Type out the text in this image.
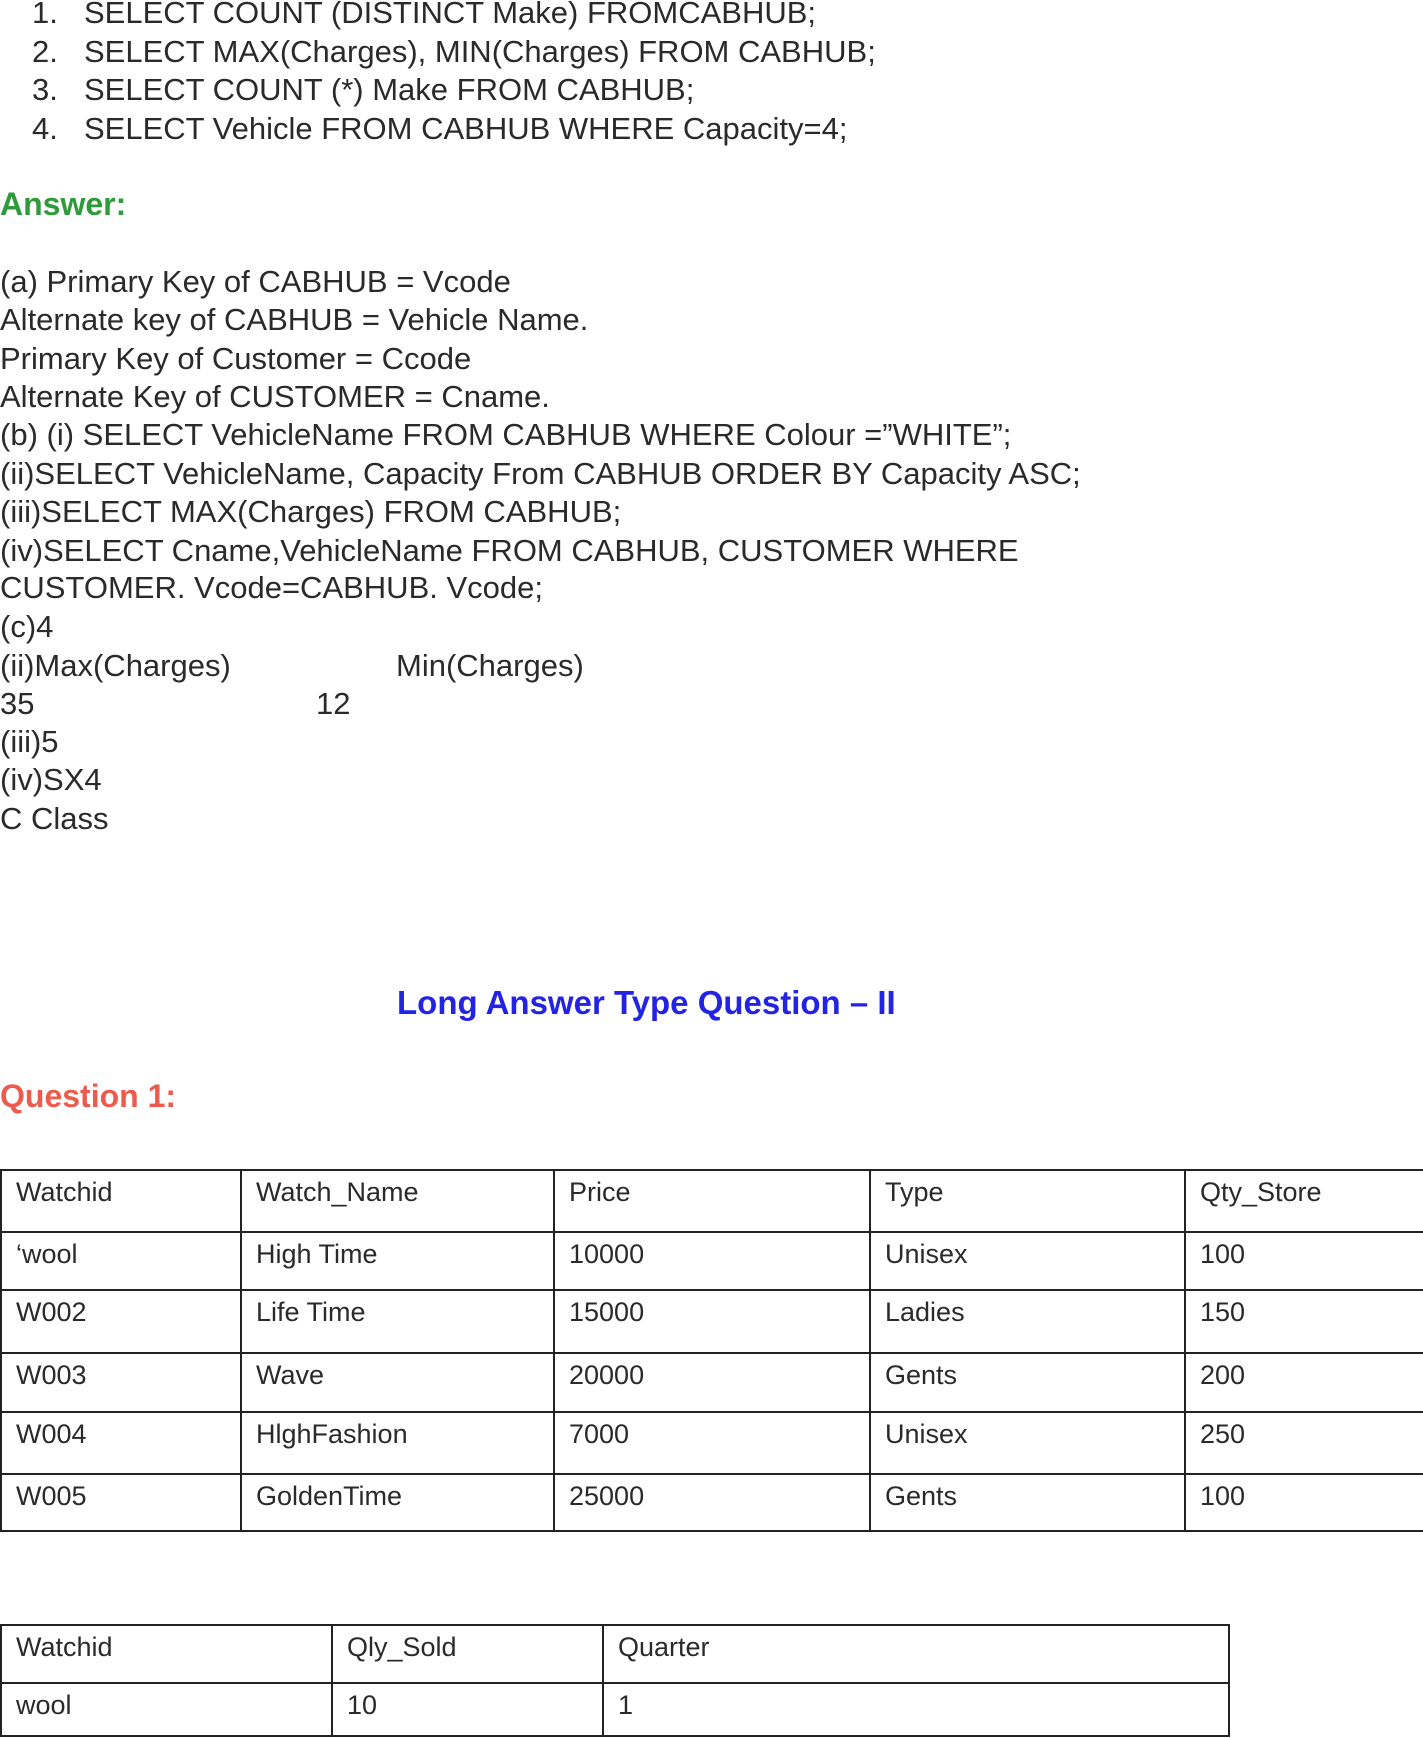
1. SELECT COUNT (DISTINCT Make) FROMCABHUB;
2. SELECT MAX(Charges), MIN(Charges) FROM CABHUB;
3. SELECT COUNT (*) Make FROM CABHUB;
4. SELECT Vehicle FROM CABHUB WHERE Capacity=4;
Answer:
(a) Primary Key of CABHUB = Vcode
Alternate key of CABHUB = Vehicle Name.
Primary Key of Customer = Ccode
Alternate Key of CUSTOMER = Cname.
(b) (i) SELECT VehicleName FROM CABHUB WHERE Colour =”WHITE”;
(ii)SELECT VehicleName, Capacity From CABHUB ORDER BY Capacity ASC;
(iii)SELECT MAX(Charges) FROM CABHUB;
(iv)SELECT Cname,VehicleName FROM CABHUB, CUSTOMER WHERE
CUSTOMER. Vcode=CABHUB. Vcode;
(c)4
(ii)Max(Charges)	Min(Charges)
35	12
(iii)5
(iv)SX4
C Class
Long Answer Type Question – II
Question 1:
Watchid	Watch_Name	Price	Type	Qty_Store
‘wool	High Time	10000	Unisex	100
W002	Life Time	15000	Ladies	150
W003	Wave	20000	Gents	200
W004	HlghFashion	7000	Unisex	250
W005	GoldenTime	25000	Gents	100
Watchid	Qly_Sold	Quarter
wool	10	1
